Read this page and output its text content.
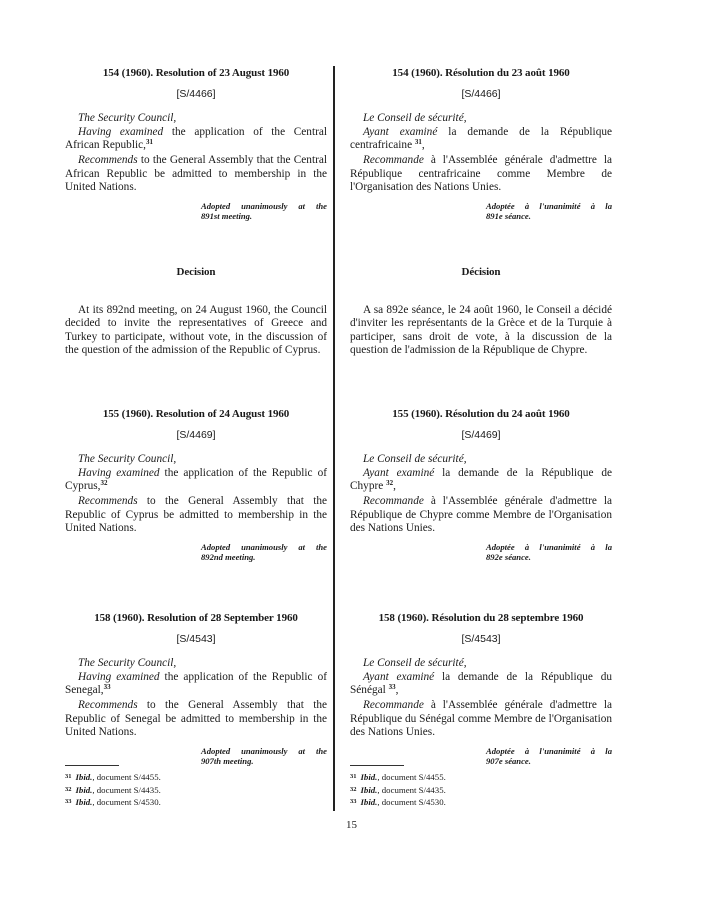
154 (1960). Resolution of 23 August 1960
[S/4466]

The Security Council,

Having examined the application of the Central African Republic,$^{31}$

Recommends to the General Assembly that the Central African Republic be admitted to membership in the United Nations.

Adopted unanimously at the
891st meeting.
Decision

At its 892nd meeting, on 24 August 1960, the Council decided to invite the representatives of Greece and Turkey to participate, without vote, in the discussion of the question of the admission of the Republic of Cyprus.

155 (1960). Resolution of 24 August 1960
[S/4469]

The Security Council,

Having examined the application of the Republic of Cyprus,$^{32}$

Recommends to the General Assembly that the Republic of Cyprus be admitted to membership in the United Nations.

Adopted unanimously at the
892nd meeting.
158 (1960). Resolution of 28 September 1960
[S/4543]

The Security Council,

Having examined the application of the Republic of Senegal,$^{33}$

Recommends to the General Assembly that the Republic of Senegal be admitted to membership in the United Nations.

Adopted unanimously at the
907th meeting.
$^{31}$ Ibid., document S/4455.
$^{32}$ Ibid., document S/4435.
$^{33}$ Ibid., document S/4530.
154 (1960). Résolution du 23 août 1960
[S/4466]

Le Conseil de sécurité,

Ayant examiné la demande de la République centrafricaine $^{31}$,

Recommande à l'Assemblée générale d'admettre la République centrafricaine comme Membre de l'Organisation des Nations Unies.

Adoptée à l'unanimité à la
891e séance.
Décision

A sa 892e séance, le 24 août 1960, le Conseil a décidé d'inviter les représentants de la Grèce et de la Turquie à participer, sans droit de vote, à la discussion de la question de l'admission de la République de Chypre.

155 (1960). Résolution du 24 août 1960
[S/4469]

Le Conseil de sécurité,

Ayant examiné la demande de la République de Chypre $^{32}$,

Recommande à l'Assemblée générale d'admettre la République de Chypre comme Membre de l'Organisation des Nations Unies.

Adoptée à l'unanimité à la
892e séance.
158 (1960). Résolution du 28 septembre 1960
[S/4543]

Le Conseil de sécurité,

Ayant examiné la demande de la République du Sénégal $^{33}$,

Recommande à l'Assemblée générale d'admettre la République du Sénégal comme Membre de l'Organisation des Nations Unies.

Adoptée à l'unanimité à la
907e séance.
$^{31}$ Ibid., document S/4455.
$^{32}$ Ibid., document S/4435.
$^{33}$ Ibid., document S/4530.
15
